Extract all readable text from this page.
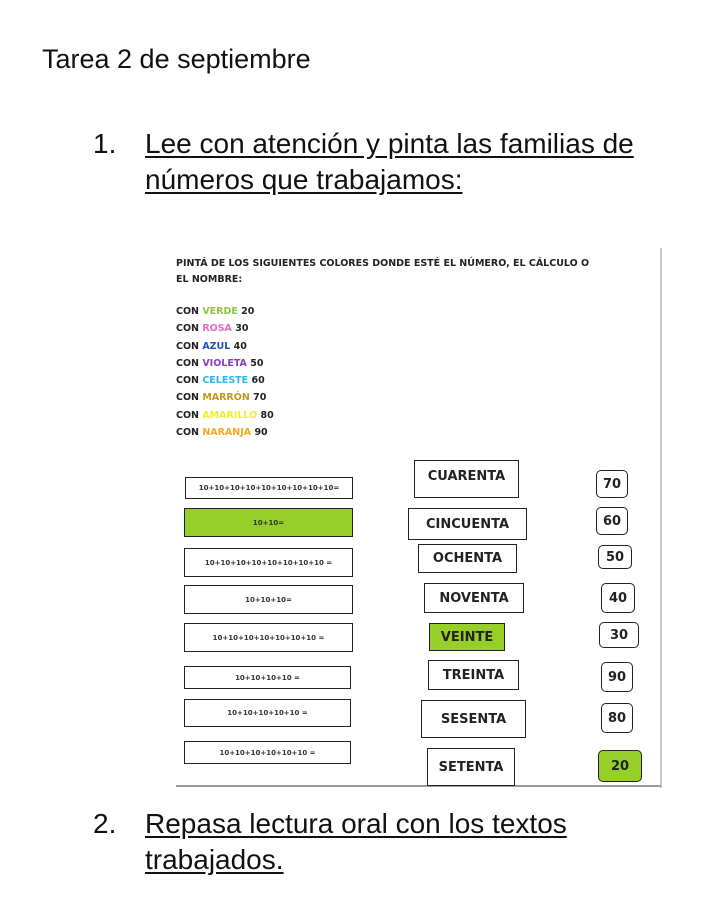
Tarea 2 de septiembre
1. Lee con atención y pinta las familias de números que trabajamos:
PINTÁ DE LOS SIGUIENTES COLORES DONDE ESTÉ EL NÚMERO, EL CÁLCULO O EL NOMBRE:
CON VERDE 20
CON ROSA 30
CON AZUL 40
CON VIOLETA 50
CON CELESTE 60
CON MARRÓN 70
CON AMARILLO 80
CON NARANJA 90
10+10+10+10+10+10+10+10+10=
10+10=
10+10+10+10+10+10+10+10 =
10+10+10=
10+10+10+10+10+10+10 =
10+10+10+10 =
10+10+10+10+10 =
10+10+10+10+10+10 =
CUARENTA
CINCUENTA
OCHENTA
NOVENTA
VEINTE
TREINTA
SESENTA
SETENTA
70
60
50
40
30
90
80
20
2. Repasa lectura oral con los textos trabajados.
